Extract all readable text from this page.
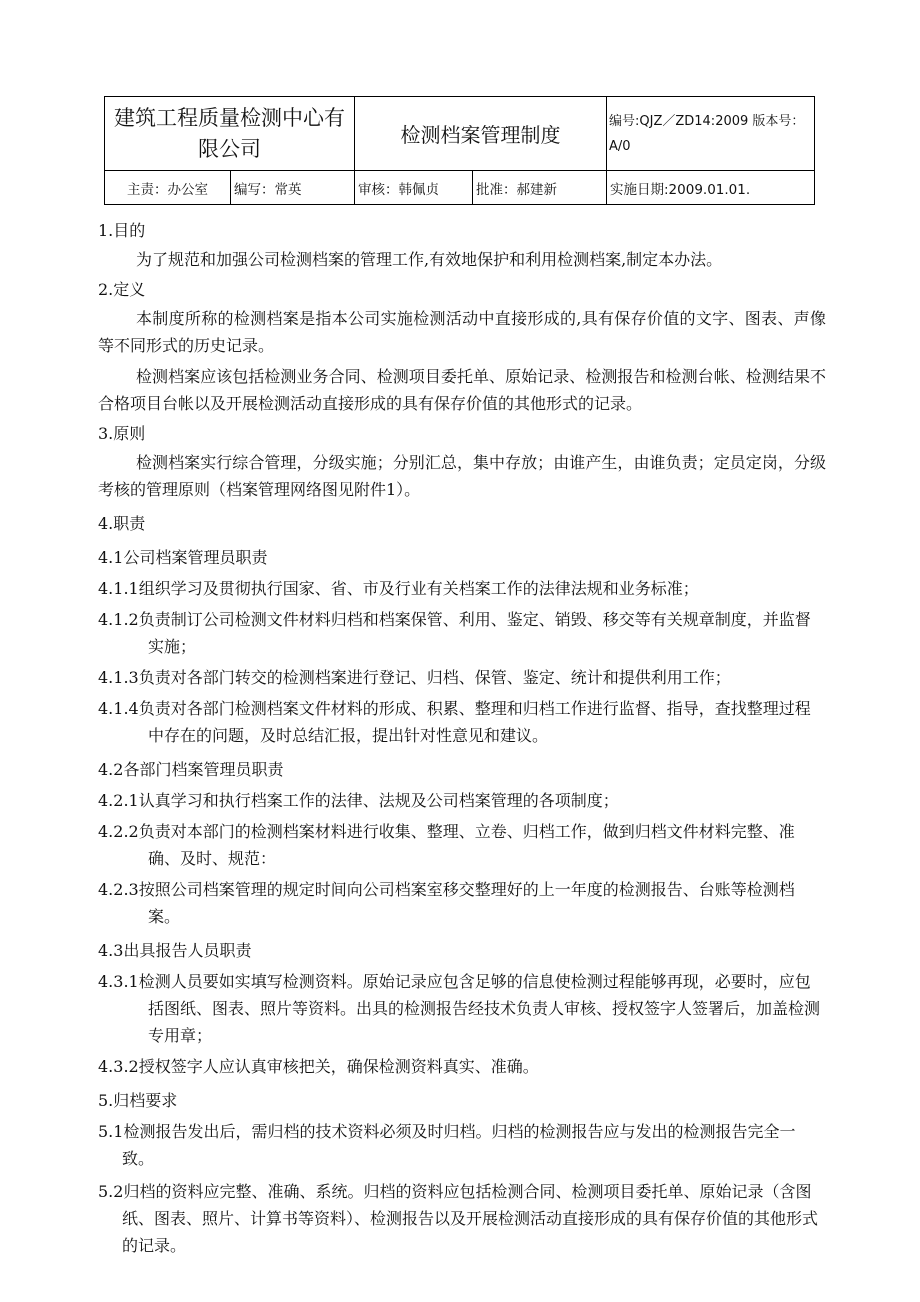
建筑工程质量检测中心有限公司		检测档案管理制度		编号:QJZ／ZD14:2009 版本号：A/0
主责：办公室	编写：常英	审核：韩佩贞	批准：郝建新	实施日期:2009.01.01.
1.目的

为了规范和加强公司检测档案的管理工作,有效地保护和利用检测档案,制定本办法。

2.定义

本制度所称的检测档案是指本公司实施检测活动中直接形成的,具有保存价值的文字、图表、声像等不同形式的历史记录。

检测档案应该包括检测业务合同、检测项目委托单、原始记录、检测报告和检测台帐、检测结果不合格项目台帐以及开展检测活动直接形成的具有保存价值的其他形式的记录。

3.原则

检测档案实行综合管理，分级实施；分别汇总，集中存放；由谁产生，由谁负责；定员定岗，分级考核的管理原则（档案管理网络图见附件1）。

4.职责
4.1公司档案管理员职责

4.1.1组织学习及贯彻执行国家、省、市及行业有关档案工作的法律法规和业务标准；

4.1.2负责制订公司检测文件材料归档和档案保管、利用、鉴定、销毁、移交等有关规章制度，并监督实施；

4.1.3负责对各部门转交的检测档案进行登记、归档、保管、鉴定、统计和提供利用工作；

4.1.4负责对各部门检测档案文件材料的形成、积累、整理和归档工作进行监督、指导，查找整理过程中存在的问题，及时总结汇报，提出针对性意见和建议。

4.2各部门档案管理员职责

4.2.1认真学习和执行档案工作的法律、法规及公司档案管理的各项制度；

4.2.2负责对本部门的检测档案材料进行收集、整理、立卷、归档工作，做到归档文件材料完整、准确、及时、规范：

4.2.3按照公司档案管理的规定时间向公司档案室移交整理好的上一年度的检测报告、台账等检测档案。

4.3出具报告人员职责

4.3.1检测人员要如实填写检测资料。原始记录应包含足够的信息使检测过程能够再现，必要时，应包括图纸、图表、照片等资料。出具的检测报告经技术负责人审核、授权签字人签署后，加盖检测专用章；

4.3.2授权签字人应认真审核把关，确保检测资料真实、准确。

5.归档要求

5.1检测报告发出后，需归档的技术资料必须及时归档。归档的检测报告应与发出的检测报告完全一致。

5.2归档的资料应完整、准确、系统。归档的资料应包括检测合同、检测项目委托单、原始记录（含图纸、图表、照片、计算书等资料）、检测报告以及开展检测活动直接形成的具有保存价值的其他形式的记录。
